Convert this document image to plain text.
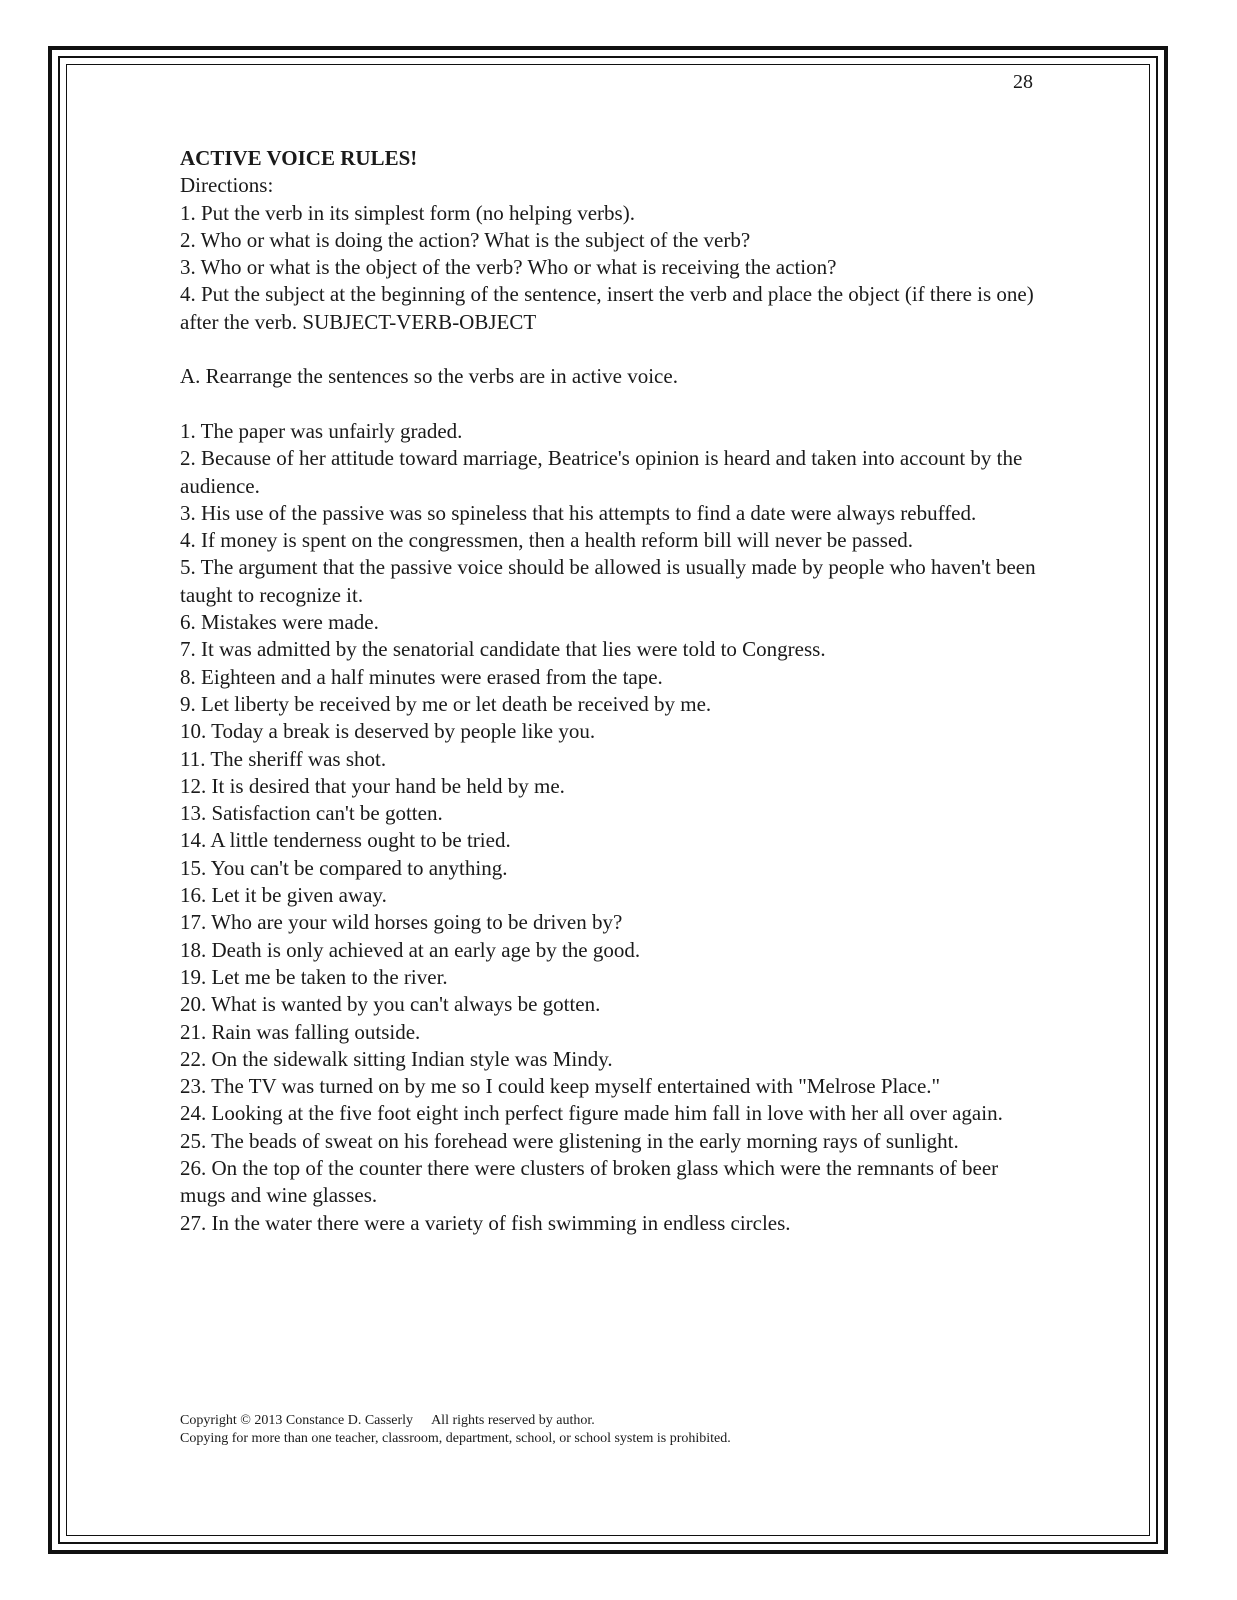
28

ACTIVE VOICE RULES!

Directions:

1. Put the verb in its simplest form (no helping verbs).

2. Who or what is doing the action? What is the subject of the verb?

3. Who or what is the object of the verb? Who or what is receiving the action?

4. Put the subject at the beginning of the sentence, insert the verb and place the object (if there is one) after the verb. SUBJECT-VERB-OBJECT

A. Rearrange the sentences so the verbs are in active voice.

1. The paper was unfairly graded.

2. Because of her attitude toward marriage, Beatrice's opinion is heard and taken into account by the audience.

3. His use of the passive was so spineless that his attempts to find a date were always rebuffed.

4. If money is spent on the congressmen, then a health reform bill will never be passed.

5. The argument that the passive voice should be allowed is usually made by people who haven't been taught to recognize it.

6. Mistakes were made.

7. It was admitted by the senatorial candidate that lies were told to Congress.

8. Eighteen and a half minutes were erased from the tape.

9. Let liberty be received by me or let death be received by me.

10. Today a break is deserved by people like you.

11. The sheriff was shot.

12. It is desired that your hand be held by me.

13. Satisfaction can't be gotten.

14. A little tenderness ought to be tried.

15. You can't be compared to anything.

16. Let it be given away.

17. Who are your wild horses going to be driven by?

18. Death is only achieved at an early age by the good.

19. Let me be taken to the river.

20. What is wanted by you can't always be gotten.

21. Rain was falling outside.

22. On the sidewalk sitting Indian style was Mindy.

23. The TV was turned on by me so I could keep myself entertained with "Melrose Place."

24. Looking at the five foot eight inch perfect figure made him fall in love with her all over again.

25. The beads of sweat on his forehead were glistening in the early morning rays of sunlight.

26. On the top of the counter there were clusters of broken glass which were the remnants of beer mugs and wine glasses.

27. In the water there were a variety of fish swimming in endless circles.

Copyright © 2013 Constance D. Casserly All rights reserved by author.
Copying for more than one teacher, classroom, department, school, or school system is prohibited.
